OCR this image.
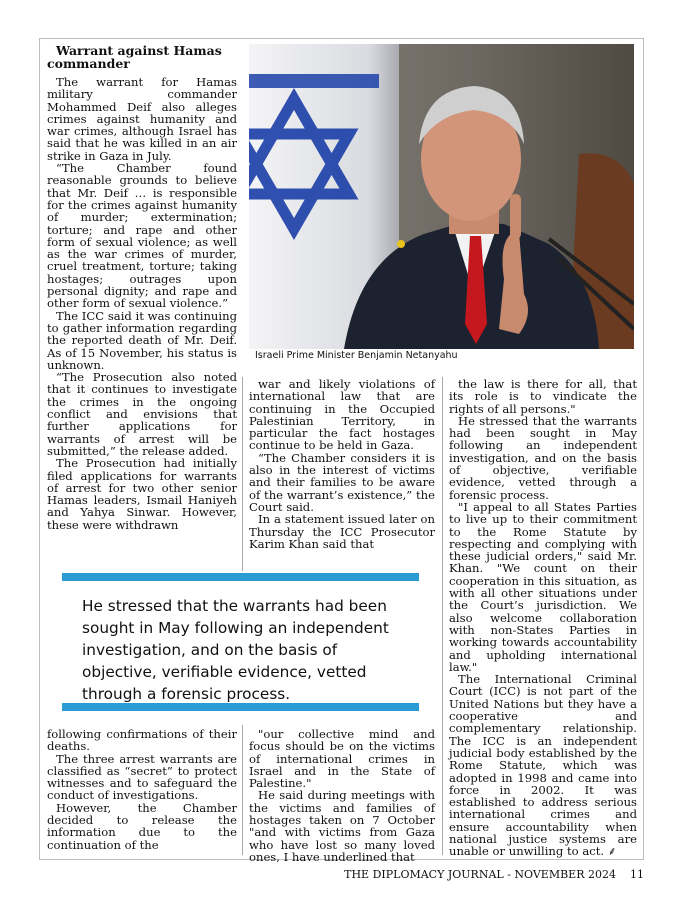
Warrant against Hamas commander

The warrant for Hamas military commander Mohammed Deif also alleges crimes against humanity and war crimes, although Israel has said that he was killed in an air strike in Gaza in July.

“The Chamber found reasonable grounds to believe that Mr. Deif … is responsible for the crimes against humanity of murder; extermination; torture; and rape and other form of sexual violence; as well as the war crimes of murder, cruel treatment, torture; taking hostages; outrages upon personal dignity; and rape and other form of sexual violence.”

The ICC said it was continuing to gather information regarding the reported death of Mr. Deif. As of 15 November, his status is unknown.

“The Prosecution also noted that it continues to investigate the crimes in the ongoing conflict and envisions that further applications for warrants of arrest will be submitted,” the release added.

The Prosecution had initially filed applications for warrants of arrest for two other senior Hamas leaders, Ismail Haniyeh and Yahya Sinwar. However, these were withdrawn

Israeli Prime Minister Benjamin Netanyahu

war and likely violations of international law that are continuing in the Occupied Palestinian Territory, in particular the fact hostages continue to be held in Gaza.

“The Chamber considers it is also in the interest of victims and their families to be aware of the warrant’s existence,” the Court said.

In a statement issued later on Thursday the ICC Prosecutor Karim Khan said that

the law is there for all, that its role is to vindicate the rights of all persons."

He stressed that the warrants had been sought in May following an independent investigation, and on the basis of objective, verifiable evidence, vetted through a forensic process.

"I appeal to all States Parties to live up to their commitment to the Rome Statute by respecting and complying with these judicial orders," said Mr. Khan. "We count on their cooperation in this situation, as with all other situations under the Court’s jurisdiction. We also welcome collaboration with non-States Parties in working towards accountability and upholding international law."

The International Criminal Court (ICC) is not part of the United Nations but they have a cooperative and complementary relationship. The ICC is an independent judicial body established by the Rome Statute, which was adopted in 1998 and came into force in 2002. It was established to address serious international crimes and ensure accountability when national justice systems are unable or unwilling to act. ⸙

He stressed that the warrants had been sought in May following an independent investigation, and on the basis of objective, verifiable evidence, vetted through a forensic process.

following confirmations of their deaths.

The three arrest warrants are classified as “secret” to protect witnesses and to safeguard the conduct of investigations.

However, the Chamber decided to release the information due to the continuation of the

"our collective mind and focus should be on the victims of international crimes in Israel and in the State of Palestine."

He said during meetings with the victims and families of hostages taken on 7 October "and with victims from Gaza who have lost so many loved ones, I have underlined that

THE DIPLOMACY JOURNAL - NOVEMBER 2024 11
